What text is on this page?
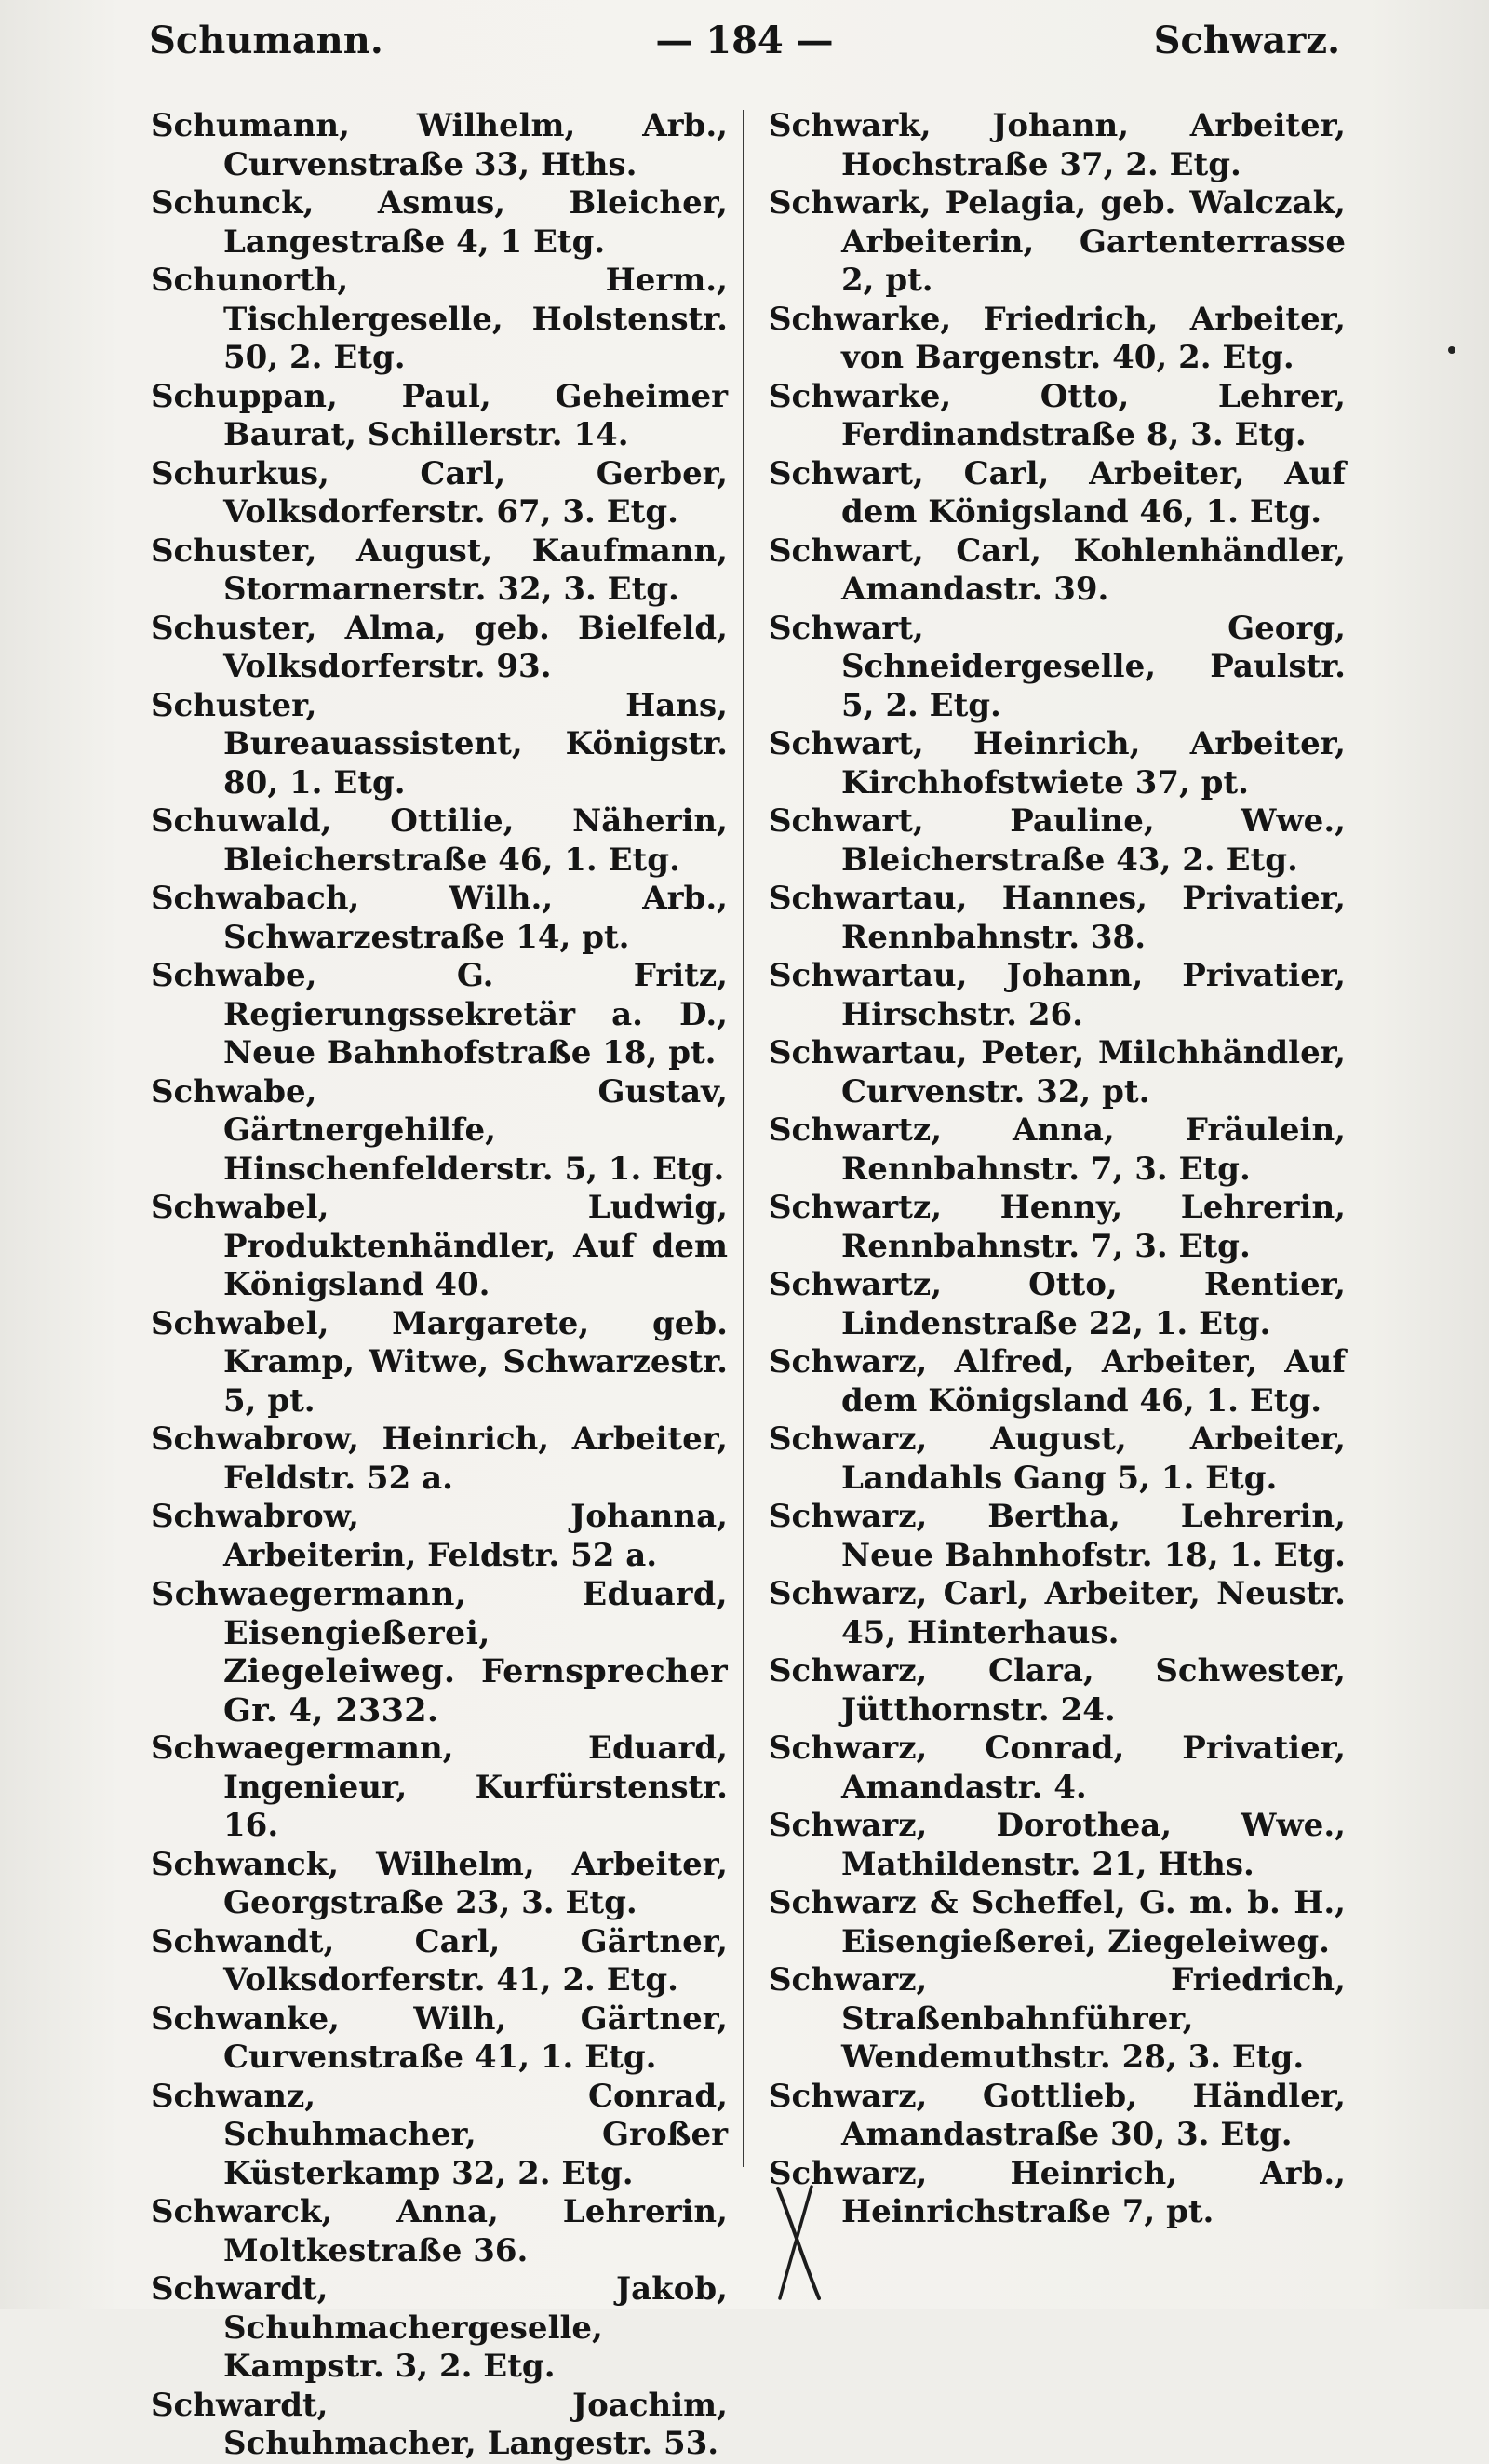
Schumann.	— 184 —	Schwarz.

Schumann, Wilhelm, Arb., Curvenstraße 33, Hths.

Schunck, Asmus, Bleicher, Langestraße 4, 1 Etg.

Schunorth, Herm., Tischlergeselle, Holstenstr. 50, 2. Etg.

Schuppan, Paul, Geheimer Baurat, Schillerstr. 14.

Schurkus, Carl, Gerber, Volksdorferstr. 67, 3. Etg.

Schuster, August, Kaufmann, Stormarnerstr. 32, 3. Etg.

Schuster, Alma, geb. Bielfeld, Volksdorferstr. 93.

Schuster, Hans, Bureauassistent, Königstr. 80, 1. Etg.

Schuwald, Ottilie, Näherin, Bleicherstraße 46, 1. Etg.

Schwabach, Wilh., Arb., Schwarzestraße 14, pt.

Schwabe, G. Fritz, Regierungssekretär a. D., Neue Bahnhofstraße 18, pt.

Schwabe, Gustav, Gärtnergehilfe, Hinschenfelderstr. 5, 1. Etg.

Schwabel, Ludwig, Produktenhändler, Auf dem Königsland 40.

Schwabel, Margarete, geb. Kramp, Witwe, Schwarzestr. 5, pt.

Schwabrow, Heinrich, Arbeiter, Feldstr. 52 a.

Schwabrow, Johanna, Arbeiterin, Feldstr. 52 a.

Schwaegermann, Eduard, Eisengießerei, Ziegeleiweg. Fernsprecher Gr. 4, 2332.

Schwaegermann, Eduard, Ingenieur, Kurfürstenstr. 16.

Schwanck, Wilhelm, Arbeiter, Georgstraße 23, 3. Etg.

Schwandt, Carl, Gärtner, Volksdorferstr. 41, 2. Etg.

Schwanke, Wilh, Gärtner, Curvenstraße 41, 1. Etg.

Schwanz, Conrad, Schuhmacher, Großer Küsterkamp 32, 2. Etg.

Schwarck, Anna, Lehrerin, Moltkestraße 36.

Schwardt, Jakob, Schuhmachergeselle, Kampstr. 3, 2. Etg.

Schwardt, Joachim, Schuhmacher, Langestr. 53.

Schwark, Johann, Arbeiter, Hochstraße 37, 2. Etg.

Schwark, Pelagia, geb. Walczak, Arbeiterin, Gartenterrasse 2, pt.

Schwarke, Friedrich, Arbeiter, von Bargenstr. 40, 2. Etg.

Schwarke, Otto, Lehrer, Ferdinandstraße 8, 3. Etg.

Schwart, Carl, Arbeiter, Auf dem Königsland 46, 1. Etg.

Schwart, Carl, Kohlenhändler, Amandastr. 39.

Schwart, Georg, Schneidergeselle, Paulstr. 5, 2. Etg.

Schwart, Heinrich, Arbeiter, Kirchhofstwiete 37, pt.

Schwart, Pauline, Wwe., Bleicherstraße 43, 2. Etg.

Schwartau, Hannes, Privatier, Rennbahnstr. 38.

Schwartau, Johann, Privatier, Hirschstr. 26.

Schwartau, Peter, Milchhändler, Curvenstr. 32, pt.

Schwartz, Anna, Fräulein, Rennbahnstr. 7, 3. Etg.

Schwartz, Henny, Lehrerin, Rennbahnstr. 7, 3. Etg.

Schwartz, Otto, Rentier, Lindenstraße 22, 1. Etg.

Schwarz, Alfred, Arbeiter, Auf dem Königsland 46, 1. Etg.

Schwarz, August, Arbeiter, Landahls Gang 5, 1. Etg.

Schwarz, Bertha, Lehrerin, Neue Bahnhofstr. 18, 1. Etg.

Schwarz, Carl, Arbeiter, Neustr. 45, Hinterhaus.

Schwarz, Clara, Schwester, Jütthornstr. 24.

Schwarz, Conrad, Privatier, Amandastr. 4.

Schwarz, Dorothea, Wwe., Mathildenstr. 21, Hths.

Schwarz & Scheffel, G. m. b. H., Eisengießerei, Ziegeleiweg.

Schwarz, Friedrich, Straßenbahnführer, Wendemuthstr. 28, 3. Etg.

Schwarz, Gottlieb, Händler, Amandastraße 30, 3. Etg.

Schwarz, Heinrich, Arb., Heinrichstraße 7, pt.
